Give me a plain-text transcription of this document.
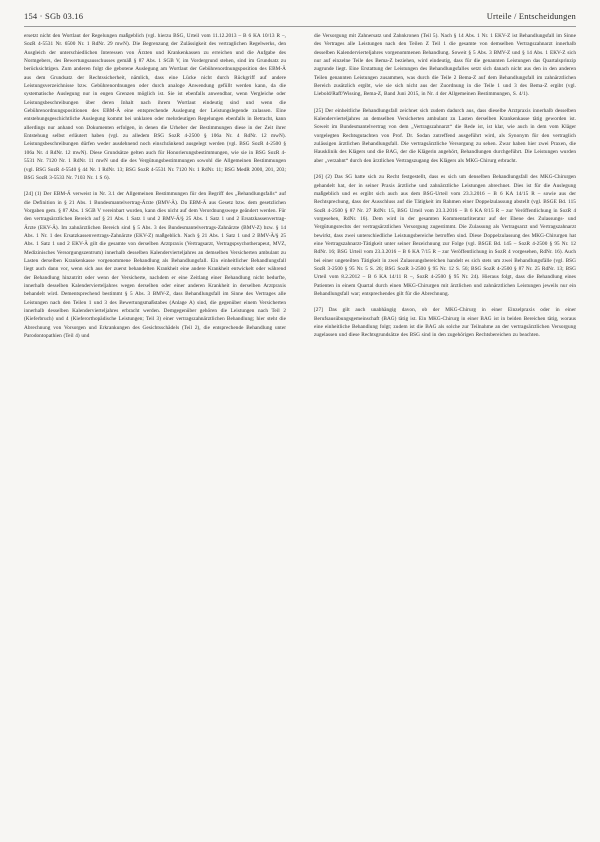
154 · SGb 03.16	Urteile / Entscheidungen

ersetzt nicht den Wortlaut der Regelungen maßgeblich (vgl. hierzu BSG, Urteil vom 11.12.2013 – B 6 KA 10/13 R –, SozR 4-5531 Nr. 6500 Nr. 1 RdNr. 29 mwN). Die Begrenzung der Zulässigkeit des vertraglichen Regelwerks, den Ausgleich der unterschiedlichen Interessen von Ärzten und Krankenkassen zu erreichen und die Aufgabe des Normgebers, des Bewertungsausschusses gemäß § 87 Abs. 1 SGB V, im Vordergrund stehen, sind im Grundsatz zu berücksichtigen. Zum anderen folgt die gebotene Auslegung am Wortlaut der Gebührenordnungsposition des EBM-Ä aus dem Grundsatz der Rechtssicherheit, nämlich, dass eine Lücke nicht durch Rückgriff auf andere Leistungsverzeichnisse bzw. Gebührenordnungen oder durch analoge Anwendung gefüllt werden kann, da die systematische Auslegung nur in engen Grenzen möglich ist. Sie ist ebenfalls anwendbar, wenn Vergleiche oder Leistungsbeschreibungen über deren Inhalt nach ihrem Wortlaut eindeutig sind und wenn die Gebührenordnungspositionen des EBM-Ä eine entsprechende Auslegung der Leistungslegende zulassen. Eine entstehungsgeschichtliche Auslegung kommt bei unklaren oder mehrdeutigen Regelungen ebenfalls in Betracht, kann allerdings nur anhand von Dokumenten erfolgen, in denen die Urheber der Bestimmungen diese in der Zeit ihrer Entstehung selbst erläutert haben (vgl. zu alledem BSG SozR 4-2500 § 106a Nr. 4 RdNr. 12 mwN). Leistungsbeschreibungen dürfen weder ausdehnend noch einschränkend ausgelegt werden (vgl. BSG SozR 4-2500 § 106a Nr. 4 RdNr. 12 mwN). Diese Grundsätze gelten auch für Honorierungsbestimmungen, wie sie in BSG SozR 4-5531 Nr. 7120 Nr. 1 RdNr. 11 mwN und die des Vergütungsbestimmungen sowohl die Allgemeinen Bestimmungen (vgl. BSG SozR 4-5540 § 44 Nr. 1 RdNr. 13; BSG SozR 4-5531 Nr. 7120 Nr. 1 RdNr. 11; BSG MedR 2000, 201, 203; BSG SozR 3-5533 Nr. 7103 Nr. 1 S 6).

[24] (1) Der EBM-Ä verweist in Nr. 3.1 der Allgemeinen Bestimmungen für den Begriff des „Behandlungsfalls“ auf die Definition in § 21 Abs. 1 Bundesmantelvertrag-Ärzte (BMV-Ä). Da EBM-Ä aus Gesetz bzw. dem gesetzlichen Vorgaben gem. § 87 Abs. 1 SGB V vereinbart wurden, kann dies nicht auf dem Verordnungswege geändert werden. Für den vertragsärztlichen Bereich auf § 21 Abs. 1 Satz 1 und 2 BMV-Ä/§ 25 Abs. 1 Satz 1 und 2 Ersatzkassenvertrag-Ärzte (EKV-Ä). Im zahnärztlichen Bereich sind § 5 Abs. 3 des Bundesmantelvertrags-Zahnärzte (BMV-Z) bzw. § 14 Abs. 1 Nr. 1 des Ersatzkassenvertrags-Zahnärzte (EKV-Z) maßgeblich. Nach § 21 Abs. 1 Satz 1 und 2 BMV-Ä/§ 25 Abs. 1 Satz 1 und 2 EKV-Ä gilt die gesamte von derselben Arztpraxis (Vertragsarzt, Vertragspsychotherapeut, MVZ, Medizinisches Versorgungszentrum) innerhalb desselben Kalendervierteljahres an demselben Versicherten ambulant zu Lasten derselben Krankenkasse vorgenommene Behandlung als Behandlungsfall. Ein einheitlicher Behandlungsfall liegt auch dann vor, wenn sich aus der zuerst behandelten Krankheit eine andere Krankheit entwickelt oder während der Behandlung hinzutritt oder wenn der Versicherte, nachdem er eine Zeitlang einer Behandlung nicht bedurfte, innerhalb desselben Kalendervierteljahres wegen derselben oder einer anderen Krankheit in derselben Arztpraxis behandelt wird. Dementsprechend bestimmt § 5 Abs. 3 BMV-Z, dass Behandlungsfall im Sinne des Vertrages alle Leistungen nach den Teilen 1 und 3 des Bewertungsmaßstabes (Anlage A) sind, die gegenüber einem Versicherten innerhalb desselben Kalendervierteljahres erbracht werden. Demgegenüber gehören die Leistungen nach Teil 2 (Kieferbruch) und 4 (Kieferorthopädische Leistungen; Teil 3) einer vertragszahnärztlichen Behandlung; hier steht die Abrechnung von Vorsorgen und Erkrankungen des Gesichtsschädels (Teil 2), die entsprechende Behandlung unter Parodontopathien (Teil 4) und

die Versorgung mit Zahnersatz und Zahnkronen (Teil 5). Nach § 14 Abs. 1 Nr. 1 EKV-Z ist Behandlungsfall im Sinne des Vertrages alle Leistungen nach den Teilen Z Teil 1 die gesamte von demselben Vertragszahnarzt innerhalb desselben Kalendervierteljahres vorgenommenen Behandlung. Soweit § 5 Abs. 3 BMV-Z und § 14 Abs. 1 EKV-Z sich nur auf einzelne Teile des Bema-Z beziehen, wird eindeutig, dass für die genannten Leistungen das Quartalsprinzip zugrunde liegt. Eine Erstattung der Leistungen des Behandlungsfalles setzt sich danach nicht aus den in den anderen Teilen genannten Leistungen zusammen, was durch die Teile 2 Bema-Z auf dem Behandlungsfall im zahnärztlichen Bereich zusätzlich ergibt, wie sie sich nicht aus der Zuordnung in die Teile 1 und 3 des Bema-Z ergibt (vgl. Liebold/Raff/Wissing, Bema-Z, Band Juni 2015, in Nr. 4 der Allgemeinen Bestimmungen, S. 4/1).

[25] Der einheitliche Behandlungsfall zeichnet sich zudem dadurch aus, dass dieselbe Arztpraxis innerhalb desselben Kalendervierteljahres an demselben Versicherten ambulant zu Lasten derselben Krankenkasse tätig geworden ist. Soweit im Bundesmantelvertrag von dem „Vertragszahnarzt“ die Rede ist, ist klar, wie auch in dem vom Kläger vorgelegten Rechtsgutachten von Prof. Dr. Sodan zutreffend ausgeführt wird, als Synonym für den vertraglich zulässigen ärztlichen Behandlungsfall. Die vertragsärztliche Versorgung zu sehen. Zwar haben hier zwei Praxen, die Hausklinik des Klägers und die BAG, der die Klägerin angehört, Behandlungen durchgeführt. Die Leistungen wurden aber „verzahnt“ durch den ärztlichen Vertragszugang des Klägers als MKG-Chirurg erbracht.

[26] (2) Das SG hatte sich zu Recht festgestellt, dass es sich um denselben Behandlungsfall des MKG-Chirurgen gehandelt hat, der in seiner Praxis ärztliche und zahnärztliche Leistungen abrechnet. Dies ist für die Auslegung maßgeblich und es ergibt sich auch aus dem BSG-Urteil vom 23.3.2016 – B 6 KA 14/15 R – sowie aus der Rechtsprechung, dass der Ausschluss auf die Tätigkeit im Rahmen einer Doppelzulassung abstellt (vgl. BSGE Bd. 115 SozR 4-2500 § 87 Nr. 27 RdNr. 15, BSG Urteil vom 23.3.2016 – B 6 KA 8/15 R – zur Veröffentlichung in SozR 4 vorgesehen, RdNr. 16). Dem wird in der gesamten Kommentarliteratur auf der Ebene des Zulassungs- und Vergütungsrechts der vertragsärztlichen Versorgung zugestimmt. Die Zulassung als Vertragsarzt und Vertragszahnarzt bewirkt, dass zwei unterschiedliche Leistungsbereiche betroffen sind. Diese Doppelzulassung des MKG-Chirurgen hat eine Vertragszahnarzt-Tätigkeit unter seiner Bezeichnung zur Folge (vgl. BSGE Bd. 145 – SozR 4-2500 § 95 Nr. 12 RdNr. 16; BSG Urteil vom 23.3.2016 – B 6 KA 7/15 R – zur Veröffentlichung in SozR 4 vorgesehen, RdNr. 16). Auch bei einer ungeteilten Tätigkeit in zwei Zulassungsbereichen handelt es sich stets um zwei Behandlungsfälle (vgl. BSG SozR 3-2500 § 95 Nr. 5 S. 26; BSG SozR 3-2500 § 95 Nr. 12 S. 56; BSG SozR 4-2500 § 87 Nr. 25 RdNr. 13; BSG Urteil vom 8.2.2012 – B 6 KA 14/11 R –, SozR 4-2500 § 95 Nr. 24). Hieraus folgt, dass die Behandlung eines Patienten in einem Quartal durch einen MKG-Chirurgen mit ärztlichen und zahnärztlichen Leistungen jeweils nur ein Behandlungsfall war; entsprechendes gilt für die Abrechnung.

[27] Das gilt auch unabhängig davon, ob der MKG-Chirurg in einer Einzelpraxis oder in einer Berufsausübungsgemeinschaft (BAG) tätig ist. Ein MKG-Chirurg in einer BAG ist in beiden Bereichen tätig, woraus eine einheitliche Behandlung folgt; zudem ist die BAG als solche zur Teilnahme an der vertragsärztlichen Versorgung zugelassen und diese Rechtsgrundsätze des BSG sind in den zugehörigen Rechtsbereichen zu beachten.
